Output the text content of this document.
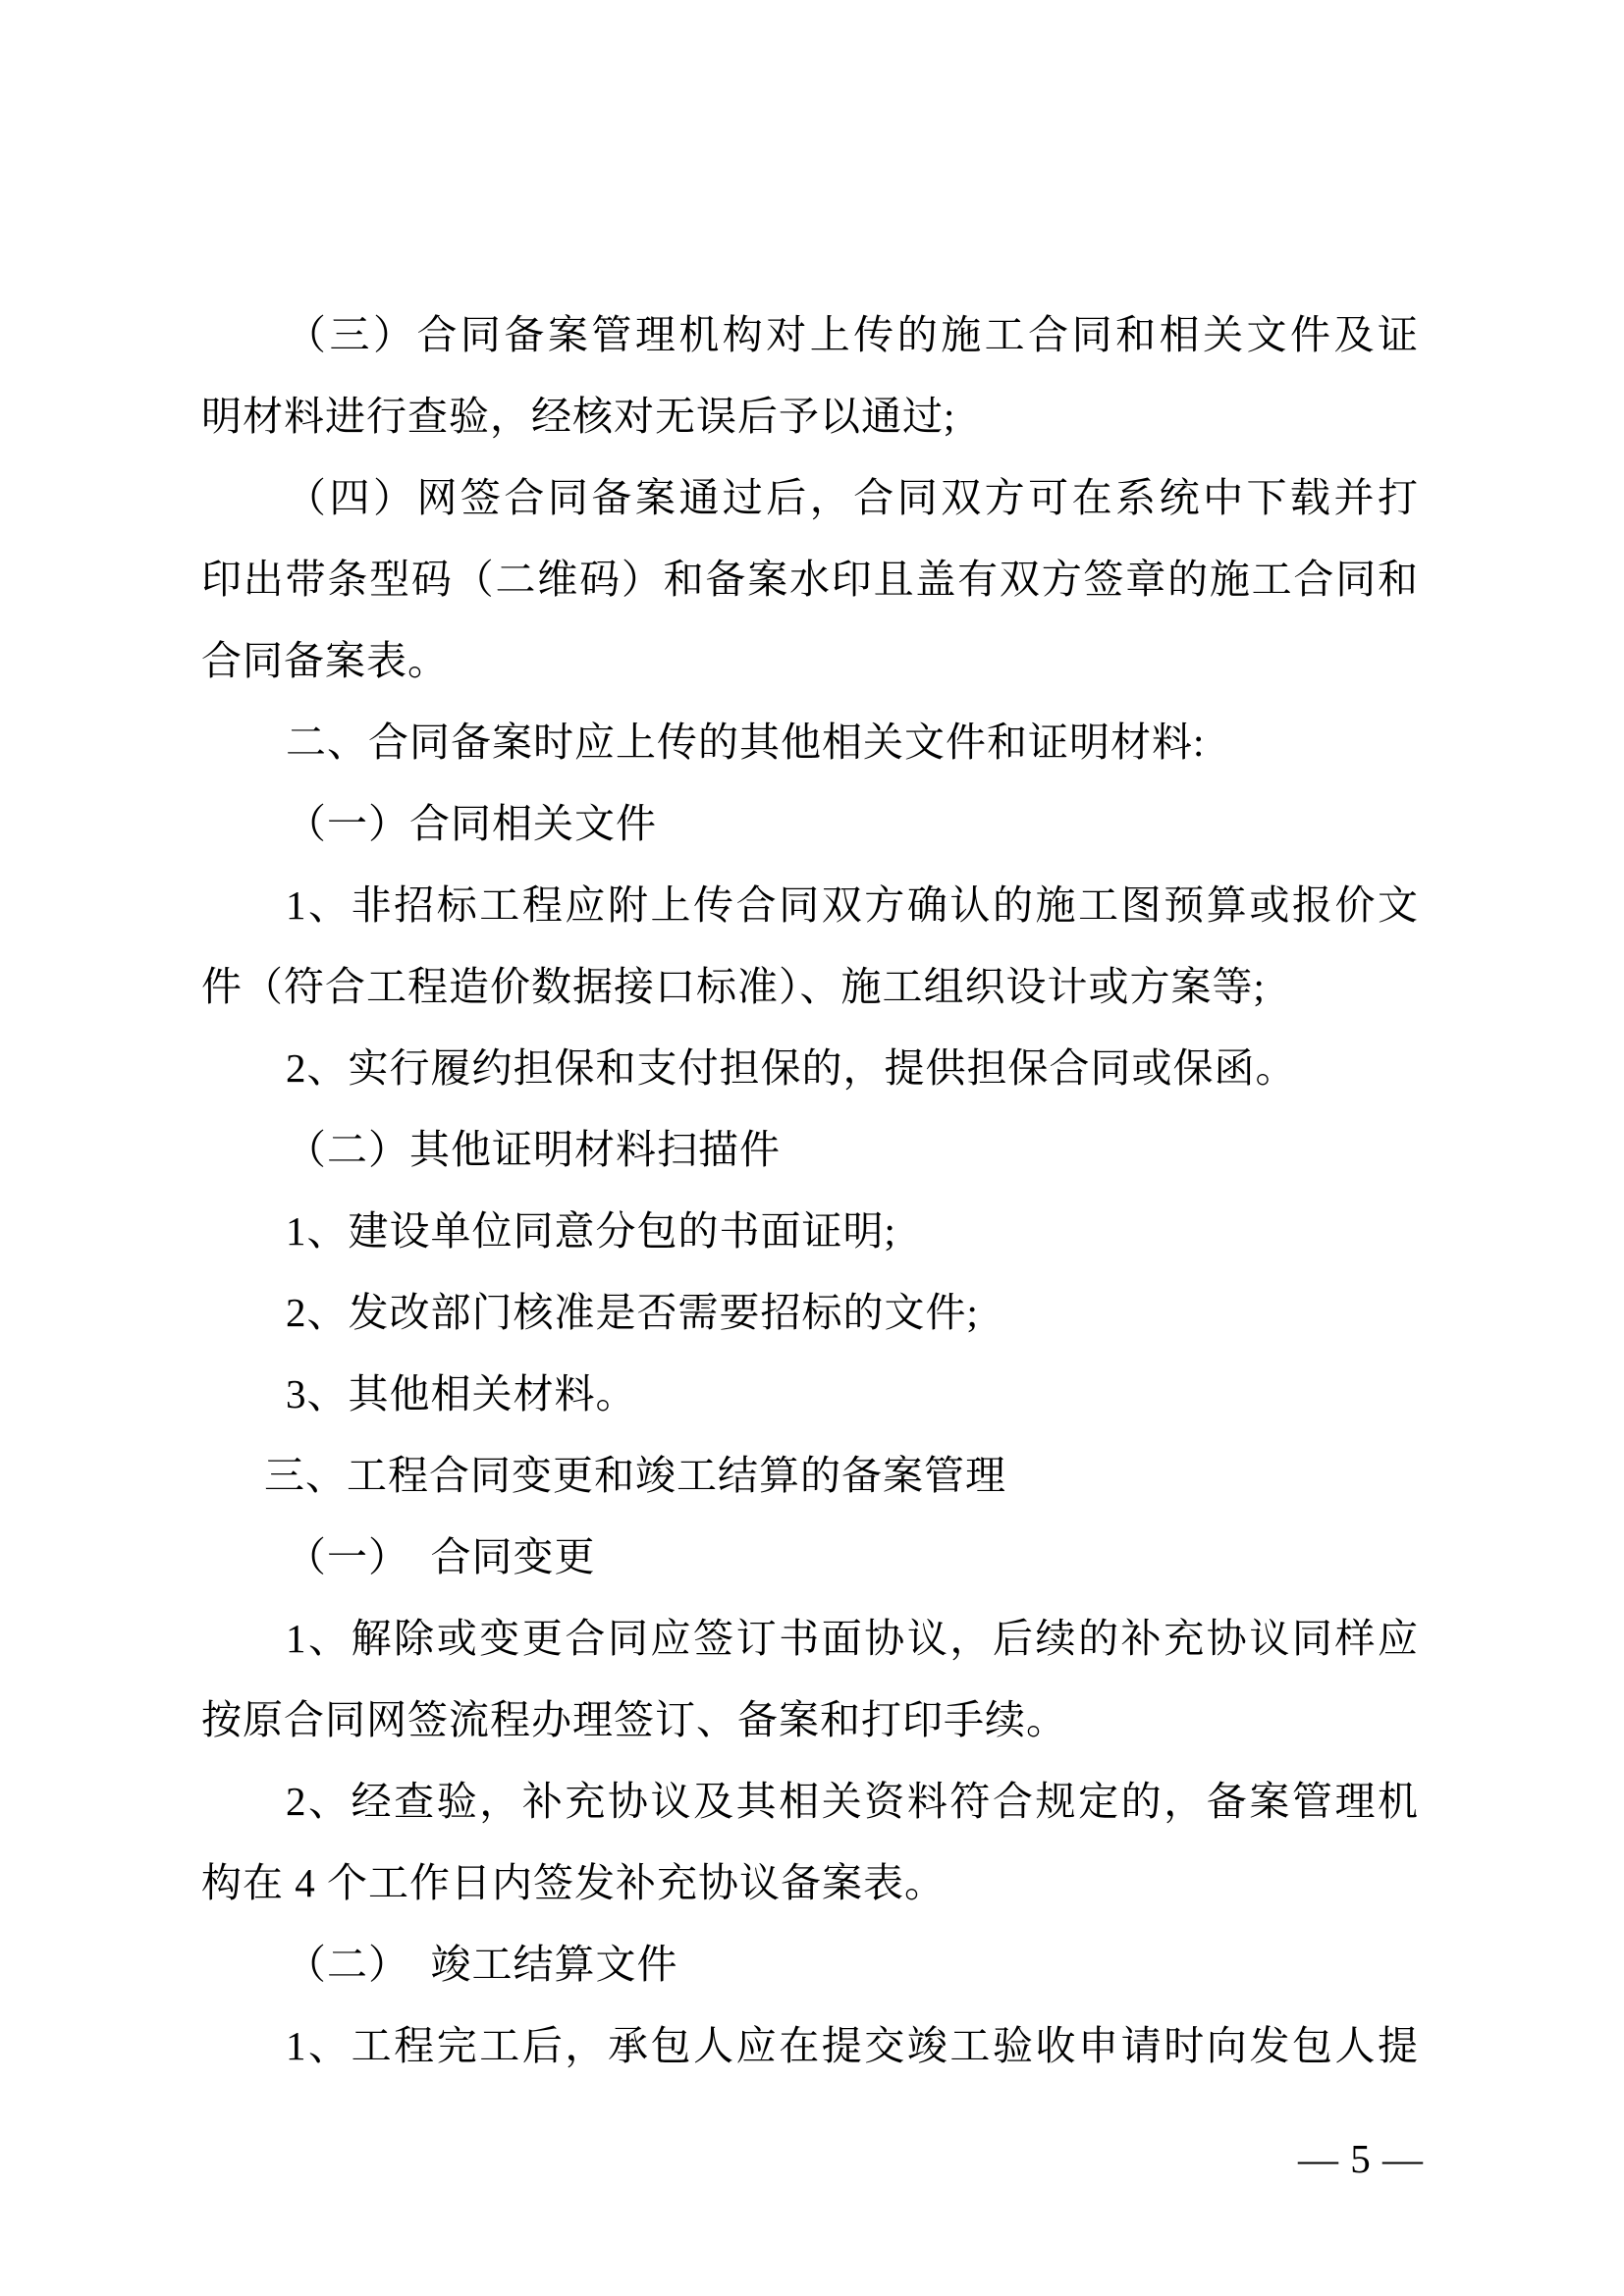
（三）合同备案管理机构对上传的施工合同和相关文件及证
明材料进行查验，经核对无误后予以通过;
（四）网签合同备案通过后，合同双方可在系统中下载并打
印出带条型码（二维码）和备案水印且盖有双方签章的施工合同和
合同备案表。
二、合同备案时应上传的其他相关文件和证明材料:
（一）合同相关文件
1、非招标工程应附上传合同双方确认的施工图预算或报价文
件（符合工程造价数据接口标准）、施工组织设计或方案等;
2、实行履约担保和支付担保的，提供担保合同或保函。
（二）其他证明材料扫描件
1、建设单位同意分包的书面证明;
2、发改部门核准是否需要招标的文件;
3、其他相关材料。
三、工程合同变更和竣工结算的备案管理
（一）　合同变更
1、解除或变更合同应签订书面协议，后续的补充协议同样应
按原合同网签流程办理签订、备案和打印手续。
2、经查验，补充协议及其相关资料符合规定的，备案管理机
构在 4 个工作日内签发补充协议备案表。
（二）　竣工结算文件
1、工程完工后，承包人应在提交竣工验收申请时向发包人提
— 5 —
